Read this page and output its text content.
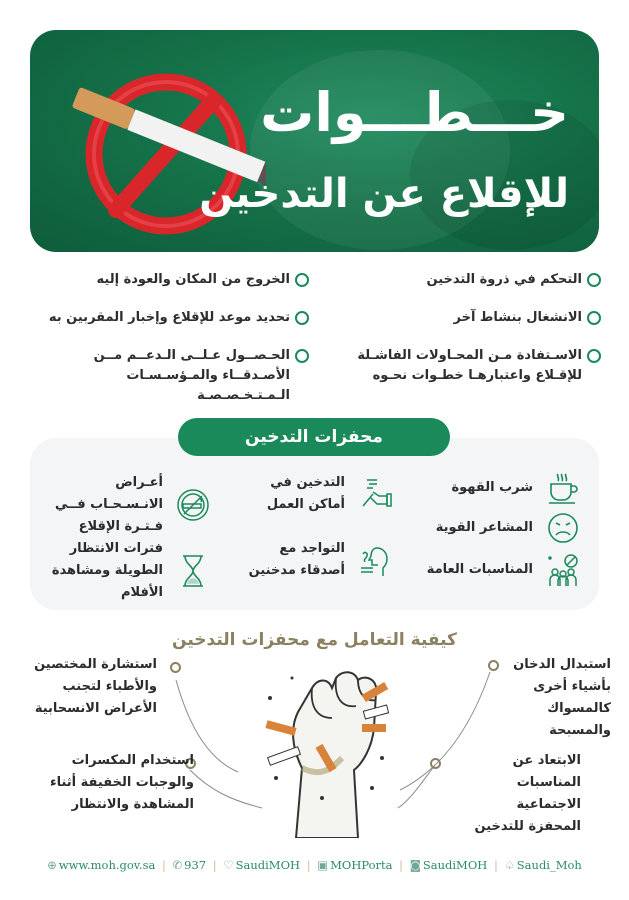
خـــطـــوات
للإقلاع عن التدخين
التحكم في ذروة التدخين
الانشغال بنشاط آخر
الاسـتفادة مـن المحـاولات الفاشـلة للإقـلاع واعتبارهـا خطـوات نحـوه
الخروج من المكان والعودة إليه
تحديد موعد للإقلاع وإخبار المقربين به
الحـصــول عـلــى الـدعــم مــن الأصـدقــاء والمـؤسـسـات الـمـتـخـصـصـة
محفزات التدخين
شرب القهوة
المشاعر القوية
المناسبات العامة
التدخين في أماكن العمل
التواجد مع أصدقاء مدخنين
أعـراض الانـسـحـاب فــي فـتـرة الإقلاع
فترات الانتظار الطويلة ومشاهدة الأفلام
كيفية التعامل مع محفزات التدخين
استبدال الدخان بأشياء أخرى كالمسواك والمسبحة
الابتعاد عن المناسبات الاجتماعية المحفزة للتدخين
استشارة المختصين والأطباء لتجنب الأعراض الانسحابية
استخدام المكسرات والوجبات الخفيفة أثناء المشاهدة والانتظار
⊕ www.moh.gov.sa | ✆ 937 | ♡ SaudiMOH | ▣ MOHPorta | ◙ SaudiMOH | ♤ Saudi_Moh
